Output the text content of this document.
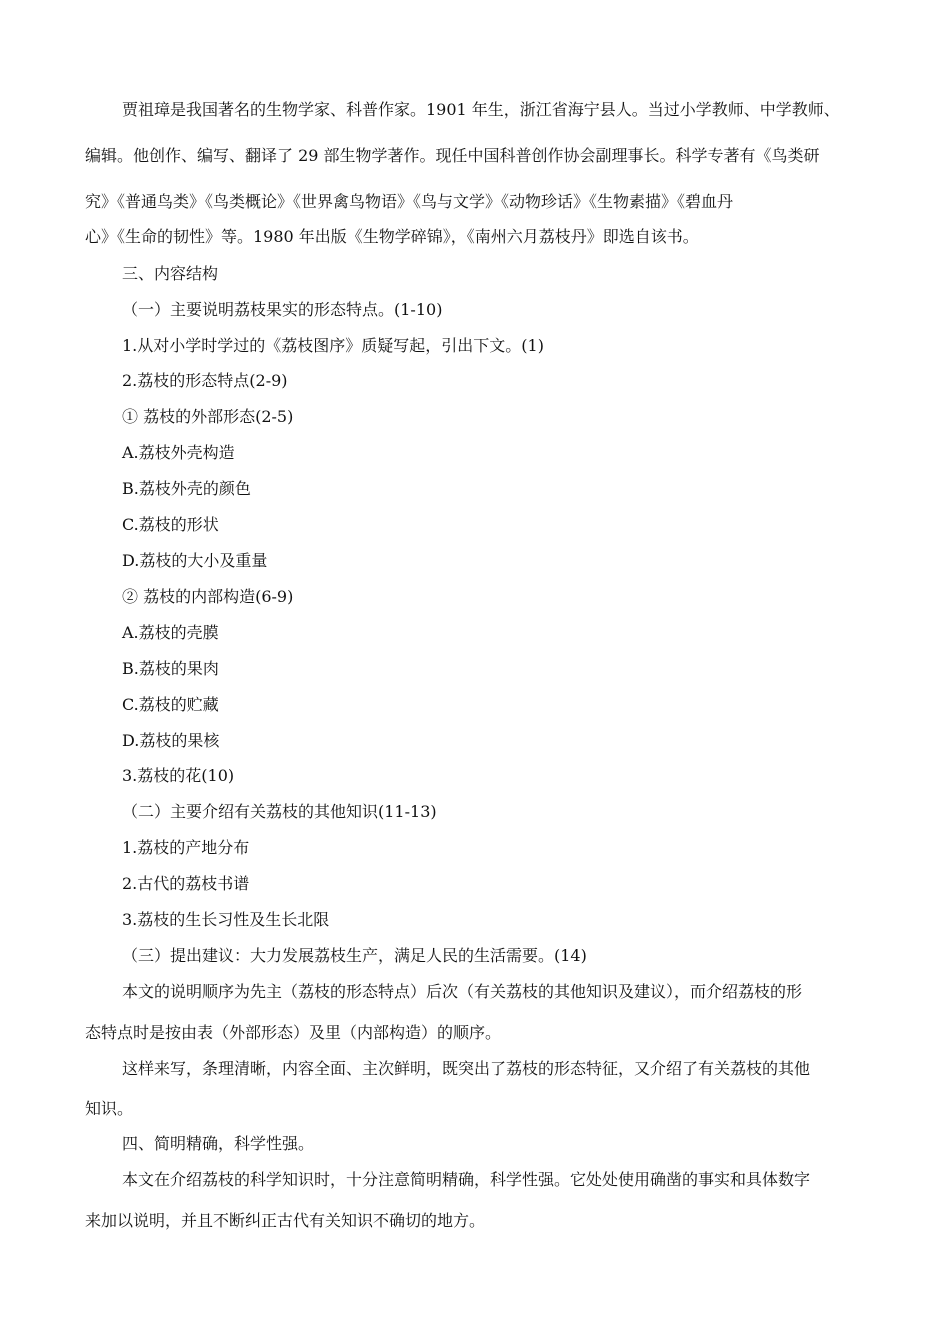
贾祖璋是我国著名的生物学家、科普作家。1901 年生，浙江省海宁县人。当过小学教师、中学教师、
编辑。他创作、编写、翻译了 29 部生物学著作。现任中国科普创作协会副理事长。科学专著有《鸟类研
究》《普通鸟类》《鸟类概论》《世界禽鸟物语》《鸟与文学》《动物珍话》《生物素描》《碧血丹
心》《生命的韧性》等。1980 年出版《生物学碎锦》，《南州六月荔枝丹》即选自该书。
三、内容结构
（一）主要说明荔枝果实的形态特点。(1-10)
1.从对小学时学过的《荔枝图序》质疑写起，引出下文。(1)
2.荔枝的形态特点(2-9)
① 荔枝的外部形态(2-5)
A.荔枝外壳构造
B.荔枝外壳的颜色
C.荔枝的形状
D.荔枝的大小及重量
② 荔枝的内部构造(6-9)
A.荔枝的壳膜
B.荔枝的果肉
C.荔枝的贮藏
D.荔枝的果核
3.荔枝的花(10)
（二）主要介绍有关荔枝的其他知识(11-13)
1.荔枝的产地分布
2.古代的荔枝书谱
3.荔枝的生长习性及生长北限
（三）提出建议：大力发展荔枝生产，满足人民的生活需要。(14)
本文的说明顺序为先主（荔枝的形态特点）后次（有关荔枝的其他知识及建议），而介绍荔枝的形
态特点时是按由表（外部形态）及里（内部构造）的顺序。
这样来写，条理清晰，内容全面、主次鲜明，既突出了荔枝的形态特征，又介绍了有关荔枝的其他
知识。
四、简明精确，科学性强。
本文在介绍荔枝的科学知识时，十分注意简明精确，科学性强。它处处使用确凿的事实和具体数字
来加以说明，并且不断纠正古代有关知识不确切的地方。
